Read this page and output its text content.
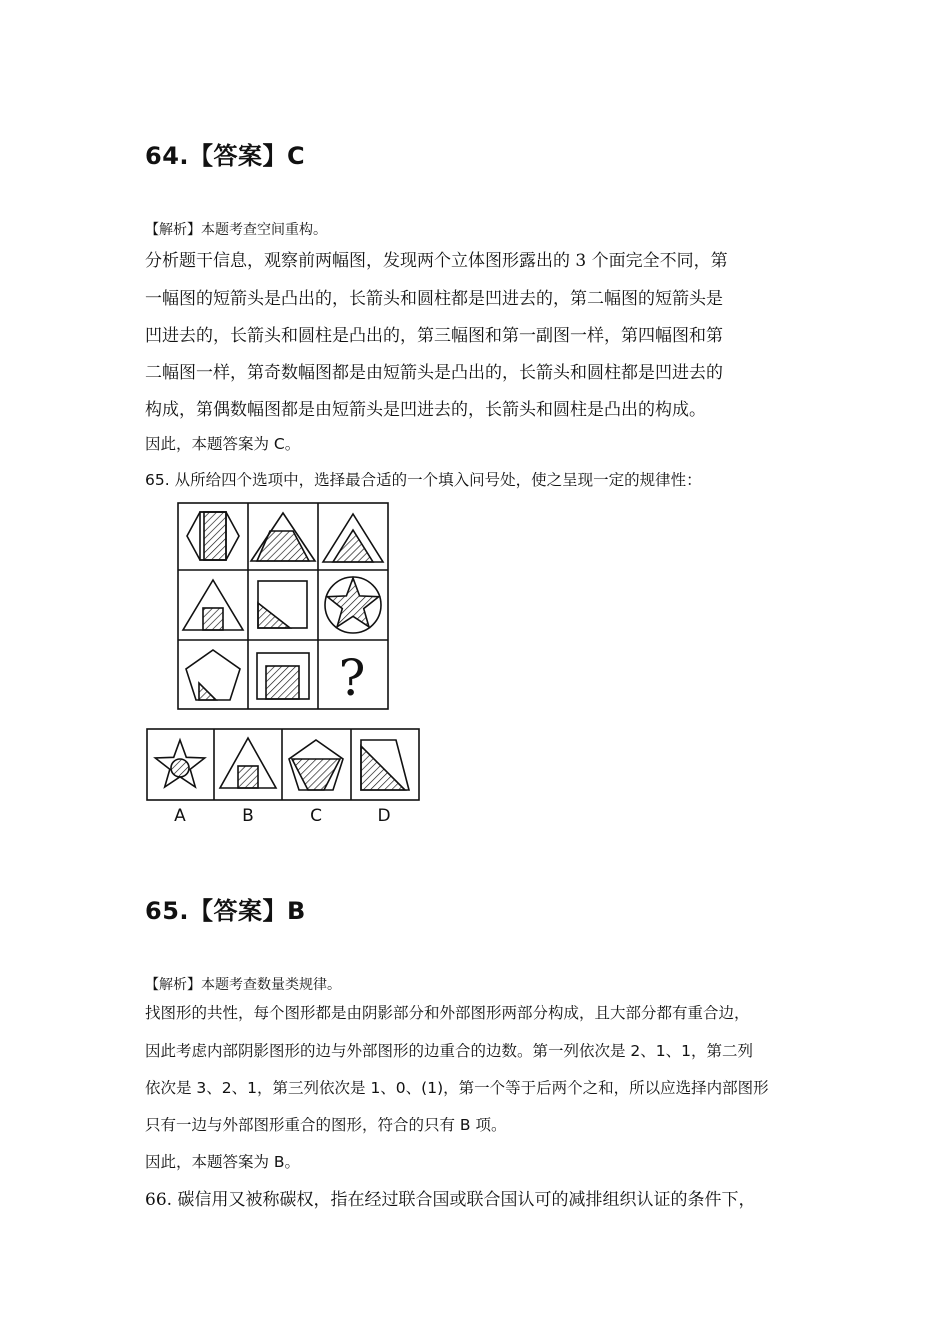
64.【答案】C
【解析】本题考查空间重构。
分析题干信息，观察前两幅图，发现两个立体图形露出的 3 个面完全不同，第
一幅图的短箭头是凸出的，长箭头和圆柱都是凹进去的，第二幅图的短箭头是
凹进去的，长箭头和圆柱是凸出的，第三幅图和第一副图一样，第四幅图和第
二幅图一样，第奇数幅图都是由短箭头是凸出的，长箭头和圆柱都是凹进去的
构成，第偶数幅图都是由短箭头是凹进去的，长箭头和圆柱是凸出的构成。
因此，本题答案为 C。
65. 从所给四个选项中，选择最合适的一个填入问号处，使之呈现一定的规律性：
?
A	B	C	D
65.【答案】B
【解析】本题考查数量类规律。
找图形的共性，每个图形都是由阴影部分和外部图形两部分构成，且大部分都有重合边，
因此考虑内部阴影图形的边与外部图形的边重合的边数。第一列依次是 2、1、1，第二列
依次是 3、2、1，第三列依次是 1、0、(1)，第一个等于后两个之和，所以应选择内部图形
只有一边与外部图形重合的图形，符合的只有 B 项。
因此，本题答案为 B。
66. 碳信用又被称碳权，指在经过联合国或联合国认可的减排组织认证的条件下，
